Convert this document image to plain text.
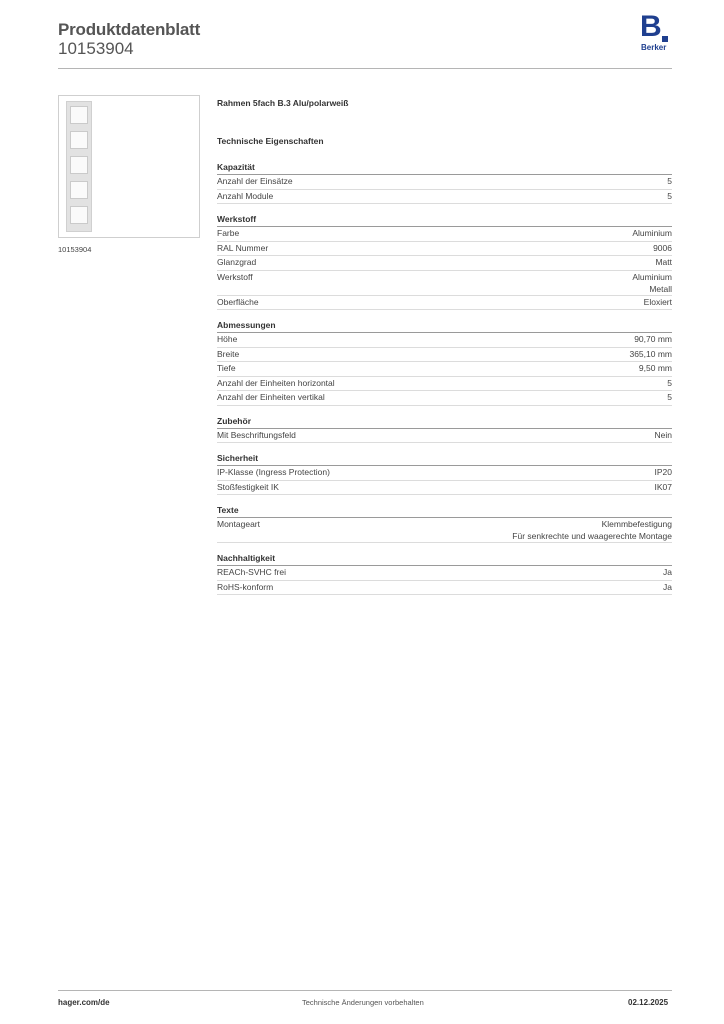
Produktdatenblatt
10153904
B
Berker
10153904
Rahmen 5fach B.3 Alu/polarweiß
Technische Eigenschaften
Kapazität
Anzahl der Einsätze	5
Anzahl Module	5
Werkstoff
Farbe	Aluminium
RAL Nummer	9006
Glanzgrad	Matt
Werkstoff	Aluminium
Metall
Oberfläche	Eloxiert
Abmessungen
Höhe	90,70 mm
Breite	365,10 mm
Tiefe	9,50 mm
Anzahl der Einheiten horizontal	5
Anzahl der Einheiten vertikal	5
Zubehör
Mit Beschriftungsfeld	Nein
Sicherheit
IP-Klasse (Ingress Protection)	IP20
Stoßfestigkeit IK	IK07
Texte
Montageart	Klemmbefestigung
Für senkrechte und waagerechte Montage
Nachhaltigkeit
REACh-SVHC frei	Ja
RoHS-konform	Ja
hager.com/de	Technische Änderungen vorbehalten	02.12.2025
